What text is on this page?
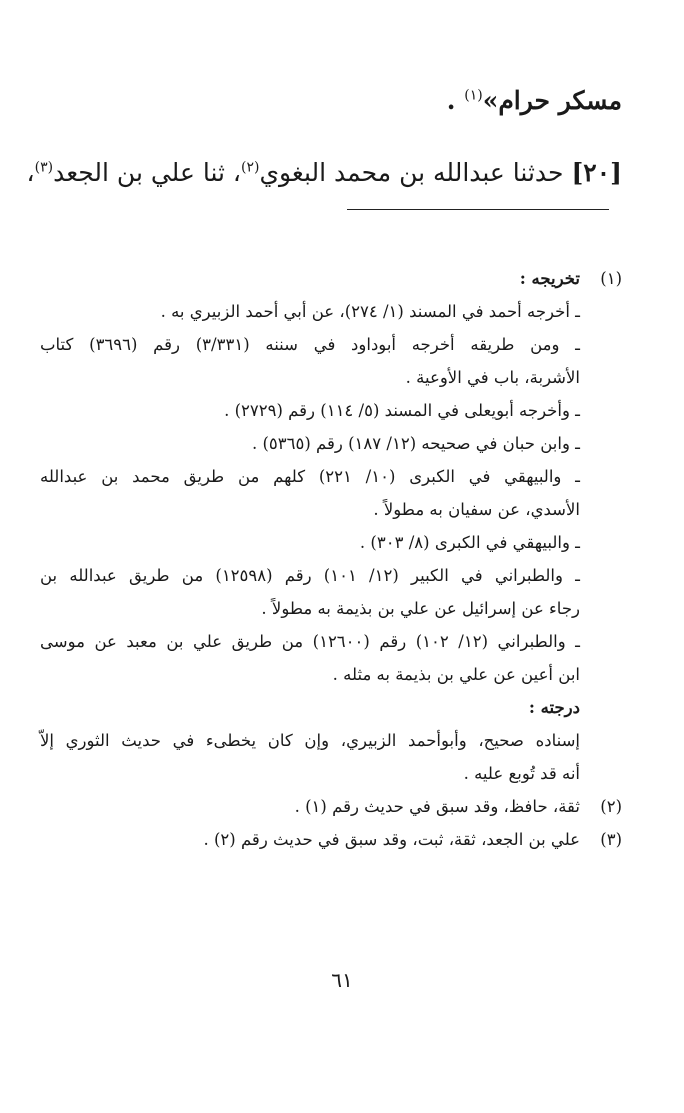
مسكر حرام»$^{(١)}$ .
[٢٠] حدثنا عبدالله بن محمد البغوي$^{(٢)}$، ثنا علي بن الجعد$^{(٣)}$،
(١)
تخريجه :
ـ أخرجه أحمد في المسند (١/ ٢٧٤)، عن أبي أحمد الزبيري به .
ـ ومن طريقه أخرجه أبوداود في سننه (٣/٣٣١) رقم (٣٦٩٦) كتاب
الأشربة، باب في الأوعية .
ـ وأخرجه أبويعلى في المسند (٥/ ١١٤) رقم (٢٧٢٩) .
ـ وابن حبان في صحيحه (١٢/ ١٨٧) رقم (٥٣٦٥) .
ـ والبيهقي في الكبرى (١٠/ ٢٢١) كلهم من طريق محمد بن عبدالله
الأسدي، عن سفيان به مطولاً .
ـ والبيهقي في الكبرى (٨/ ٣٠٣) .
ـ والطبراني في الكبير (١٢/ ١٠١) رقم (١٢٥٩٨) من طريق عبدالله بن
رجاء عن إسرائيل عن علي بن بذيمة به مطولاً .
ـ والطبراني (١٢/ ١٠٢) رقم (١٢٦٠٠) من طريق علي بن معبد عن موسى
ابن أعين عن علي بن بذيمة به مثله .
درجته :
إسناده صحيح، وأبوأحمد الزبيري، وإن كان يخطىء في حديث الثوري إلاّ
أنه قد تُوبع عليه .
(٢)
ثقة، حافظ، وقد سبق في حديث رقم (١) .
(٣)
علي بن الجعد، ثقة، ثبت، وقد سبق في حديث رقم (٢) .
٦١
